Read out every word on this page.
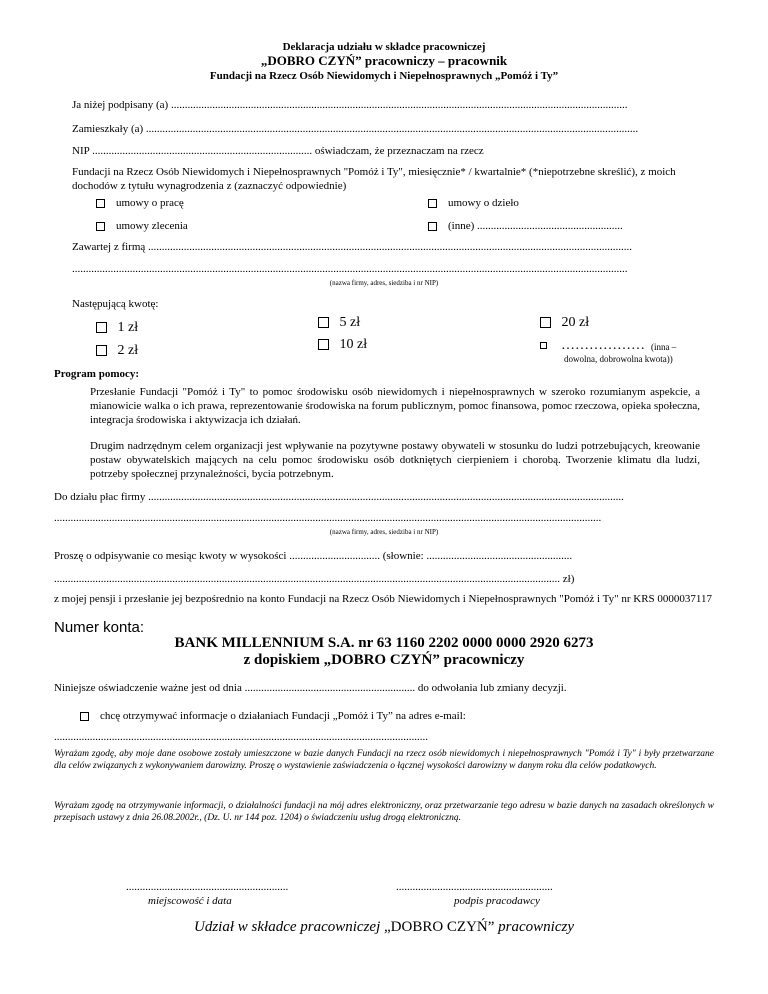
Deklaracja udziału w składce pracowniczej
„DOBRO CZYŃ” pracowniczy – pracownik
Fundacji na Rzecz Osób Niewidomych i Niepełnosprawnych „Pomóż i Ty”
Ja niżej podpisany (a) ......................................................................................................................................................................
Zamieszkały (a) ...................................................................................................................................................................................
NIP ................................................................................ oświadczam, że przeznaczam na rzecz
Fundacji na Rzecz Osób Niewidomych i Niepełnosprawnych "Pomóż i Ty", miesięcznie* / kwartalnie* (*niepotrzebne skreślić), z moich dochodów z tytułu wynagrodzenia z (zaznaczyć odpowiednie)
umowy o pracę	umowy o dzieło
umowy zlecenia	(inne) .....................................................
Zawartej z firmą ................................................................................................................................................................................
..........................................................................................................................................................................................................
(nazwa firmy, adres, siedziba i nr NIP)
Następującą kwotę:
1 zł
2 zł
5 zł
10 zł
20 zł
……………… (inna –
dowolna, dobrowolna kwota))
Program pomocy:
Przesłanie Fundacji "Pomóż i Ty" to pomoc środowisku osób niewidomych i niepełnosprawnych w szeroko rozumianym aspekcie, a mianowicie walka o ich prawa, reprezentowanie środowiska na forum publicznym, pomoc finansowa, pomoc rzeczowa, opieka społeczna, integracja środowiska i aktywizacja ich działań.
Drugim nadrzędnym celem organizacji jest wpływanie na pozytywne postawy obywateli w stosunku do ludzi potrzebujących, kreowanie postaw obywatelskich mających na celu pomoc środowisku osób dotkniętych cierpieniem i chorobą. Tworzenie klimatu dla ludzi, potrzeby społecznej przynależności, bycia potrzebnym.
Do działu płac firmy .............................................................................................................................................................................
.......................................................................................................................................................................................................
(nazwa firmy, adres, siedziba i nr NIP)
Proszę o odpisywanie co mesiąc kwoty w wysokości ................................. (słownie: .....................................................
........................................................................................................................................................................................ zł)
z mojej pensji i przesłanie jej bezpośrednio na konto Fundacji na Rzecz Osób Niewidomych i Niepełnosprawnych "Pomóż i Ty" nr KRS 0000037117
Numer konta:
BANK MILLENNIUM S.A. nr 63 1160 2202 0000 0000 2920 6273
z dopiskiem „DOBRO CZYŃ” pracowniczy
Niniejsze oświadczenie ważne jest od dnia .............................................................. do odwołania lub zmiany decyzji.
chcę otrzymywać informacje o działaniach Fundacji „Pomóż i Ty” na adres e-mail:
........................................................................................................................................
Wyrażam zgodę, aby moje dane osobowe zostały umieszczone w bazie danych Fundacji na rzecz osób niewidomych i niepełnosprawnych "Pomóż i Ty" i były przetwarzane dla celów związanych z wykonywaniem darowizny. Proszę o wystawienie zaświadczenia o łącznej wysokości darowizny w danym roku dla celów podatkowych.
Wyrażam zgodę na otrzymywanie informacji, o działalności fundacji na mój adres elektroniczny, oraz przetwarzanie tego adresu w bazie danych na zasadach określonych w przepisach ustawy z dnia 26.08.2002r., (Dz. U. nr 144 poz. 1204) o świadczeniu usług drogą elektroniczną.
...........................................................
miejscowość i data
.........................................................
podpis pracodawcy
Udział w składce pracowniczej „DOBRO CZYŃ” pracowniczy
